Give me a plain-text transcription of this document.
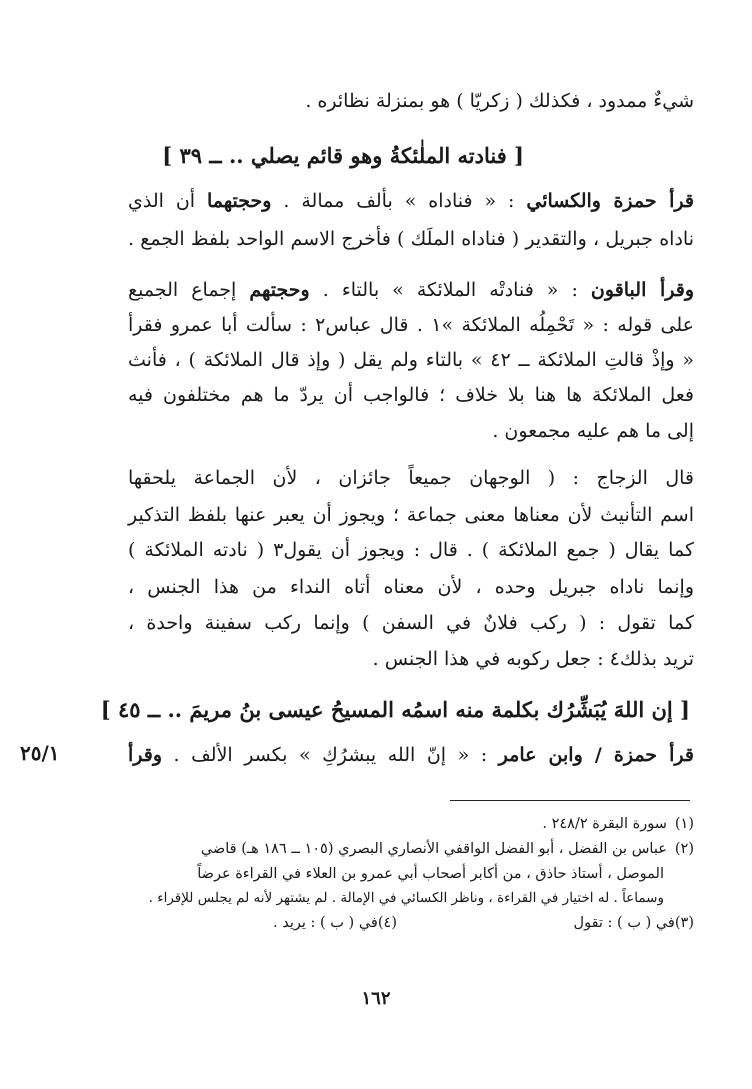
شيءٌ ممدود ، فكذلك ( زكريّا ) هو بمنزلة نظائره .
[ فنادته الملٰئكةُ وهو قائم يصلي .. ــ ٣٩ ]
قرأ حمزة والكسائي : « فناداه » بألف ممالة . وحجتهما أن الذي
ناداه جبريل ، والتقدير ( فناداه الملَك ) فأخرج الاسم الواحد بلفظ الجمع .
وقرأ الباقون : « فنادتْه الملائكة » بالتاء . وحجتهم إجماع الجميع
على قوله : « تَحْمِلُه الملائكة »١ . قال عباس٢ : سألت أبا عمرو فقرأ
« وإذْ قالتِ الملائكة ــ ٤٢ » بالتاء ولم يقل ( وإذ قال الملائكة ) ، فأنث
فعل الملائكة ها هنا بلا خلاف ؛ فالواجب أن يردّ ما هم مختلفون فيه
إلى ما هم عليه مجمعون .
قال الزجاج : ( الوجهان جميعاً جائزان ، لأن الجماعة يلحقها
اسم التأنيث لأن معناها معنى جماعة ؛ ويجوز أن يعبر عنها بلفظ التذكير
كما يقال ( جمع الملائكة ) . قال : ويجوز أن يقول٣ ( نادته الملائكة )
وإنما ناداه جبريل وحده ، لأن معناه أتاه النداء من هذا الجنس ،
كما تقول : ( ركب فلانٌ في السفن ) وإنما ركب سفينة واحدة ،
تريد بذلك٤ : جعل ركوبه في هذا الجنس .
[ إن اللهَ يُبَشِّرُك بكلمة منه اسمُه المسيحُ عيسى بنُ مريمَ .. ــ ٤٥ ]
قرأ حمزة / وابن عامر : « إنّ الله يبشرُكِ » بكسر الألف . وقرأ
٢٥/١
(١)سورة البقرة ٢٤٨/٢ .
(٢)عباس بن الفضل ، أبو الفضل الواقفي الأنصاري البصري (١٠٥ ــ ١٨٦ هـ) قاضي
الموصل ، أستاذ حاذق ، من أكابر أصحاب أبي عمرو بن العلاء في القراءة عرضاً
وسماعاً . له اختيار في القراءة ، وناظر الكسائي في الإمالة . لم يشتهر لأنه لم يجلس للإقراء .
(٣)في ( ب ) : تقول
(٤)في ( ب ) : يريد .
١٦٢
